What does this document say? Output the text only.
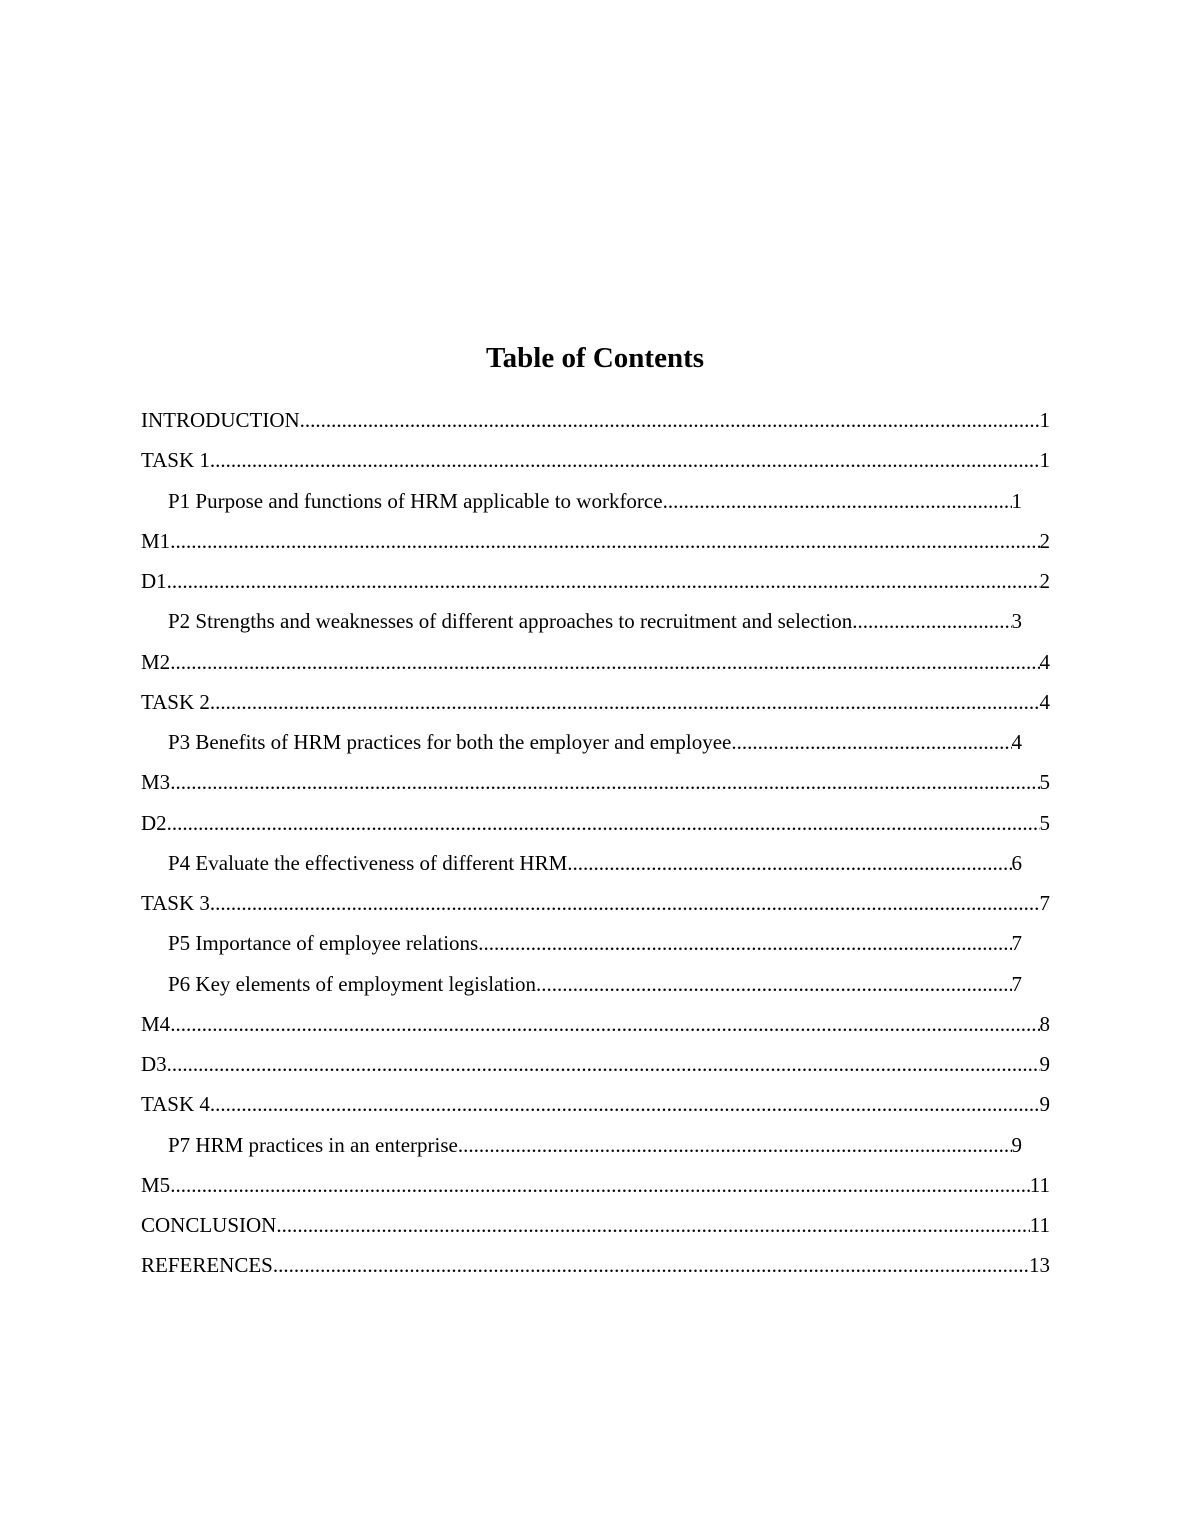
Table of Contents
INTRODUCTION .....	1
TASK 1 .....	1
P1 Purpose and functions of HRM applicable to workforce .....	1
M1 .....	2
D1 .....	2
P2 Strengths and weaknesses of different approaches to recruitment and selection .....	3
M2 .....	4
TASK 2 .....	4
P3 Benefits of HRM practices for both the employer and employee. .....	4
M3 .....	5
D2 .....	5
P4 Evaluate the effectiveness of different HRM .....	6
TASK 3 .....	7
P5 Importance of employee relations .....	7
P6 Key elements of employment legislation .....	7
M4 .....	8
D3 .....	9
TASK 4 .....	9
P7 HRM practices in an enterprise. .....	9
M5 .....	11
CONCLUSION .....	11
REFERENCES .....	13
